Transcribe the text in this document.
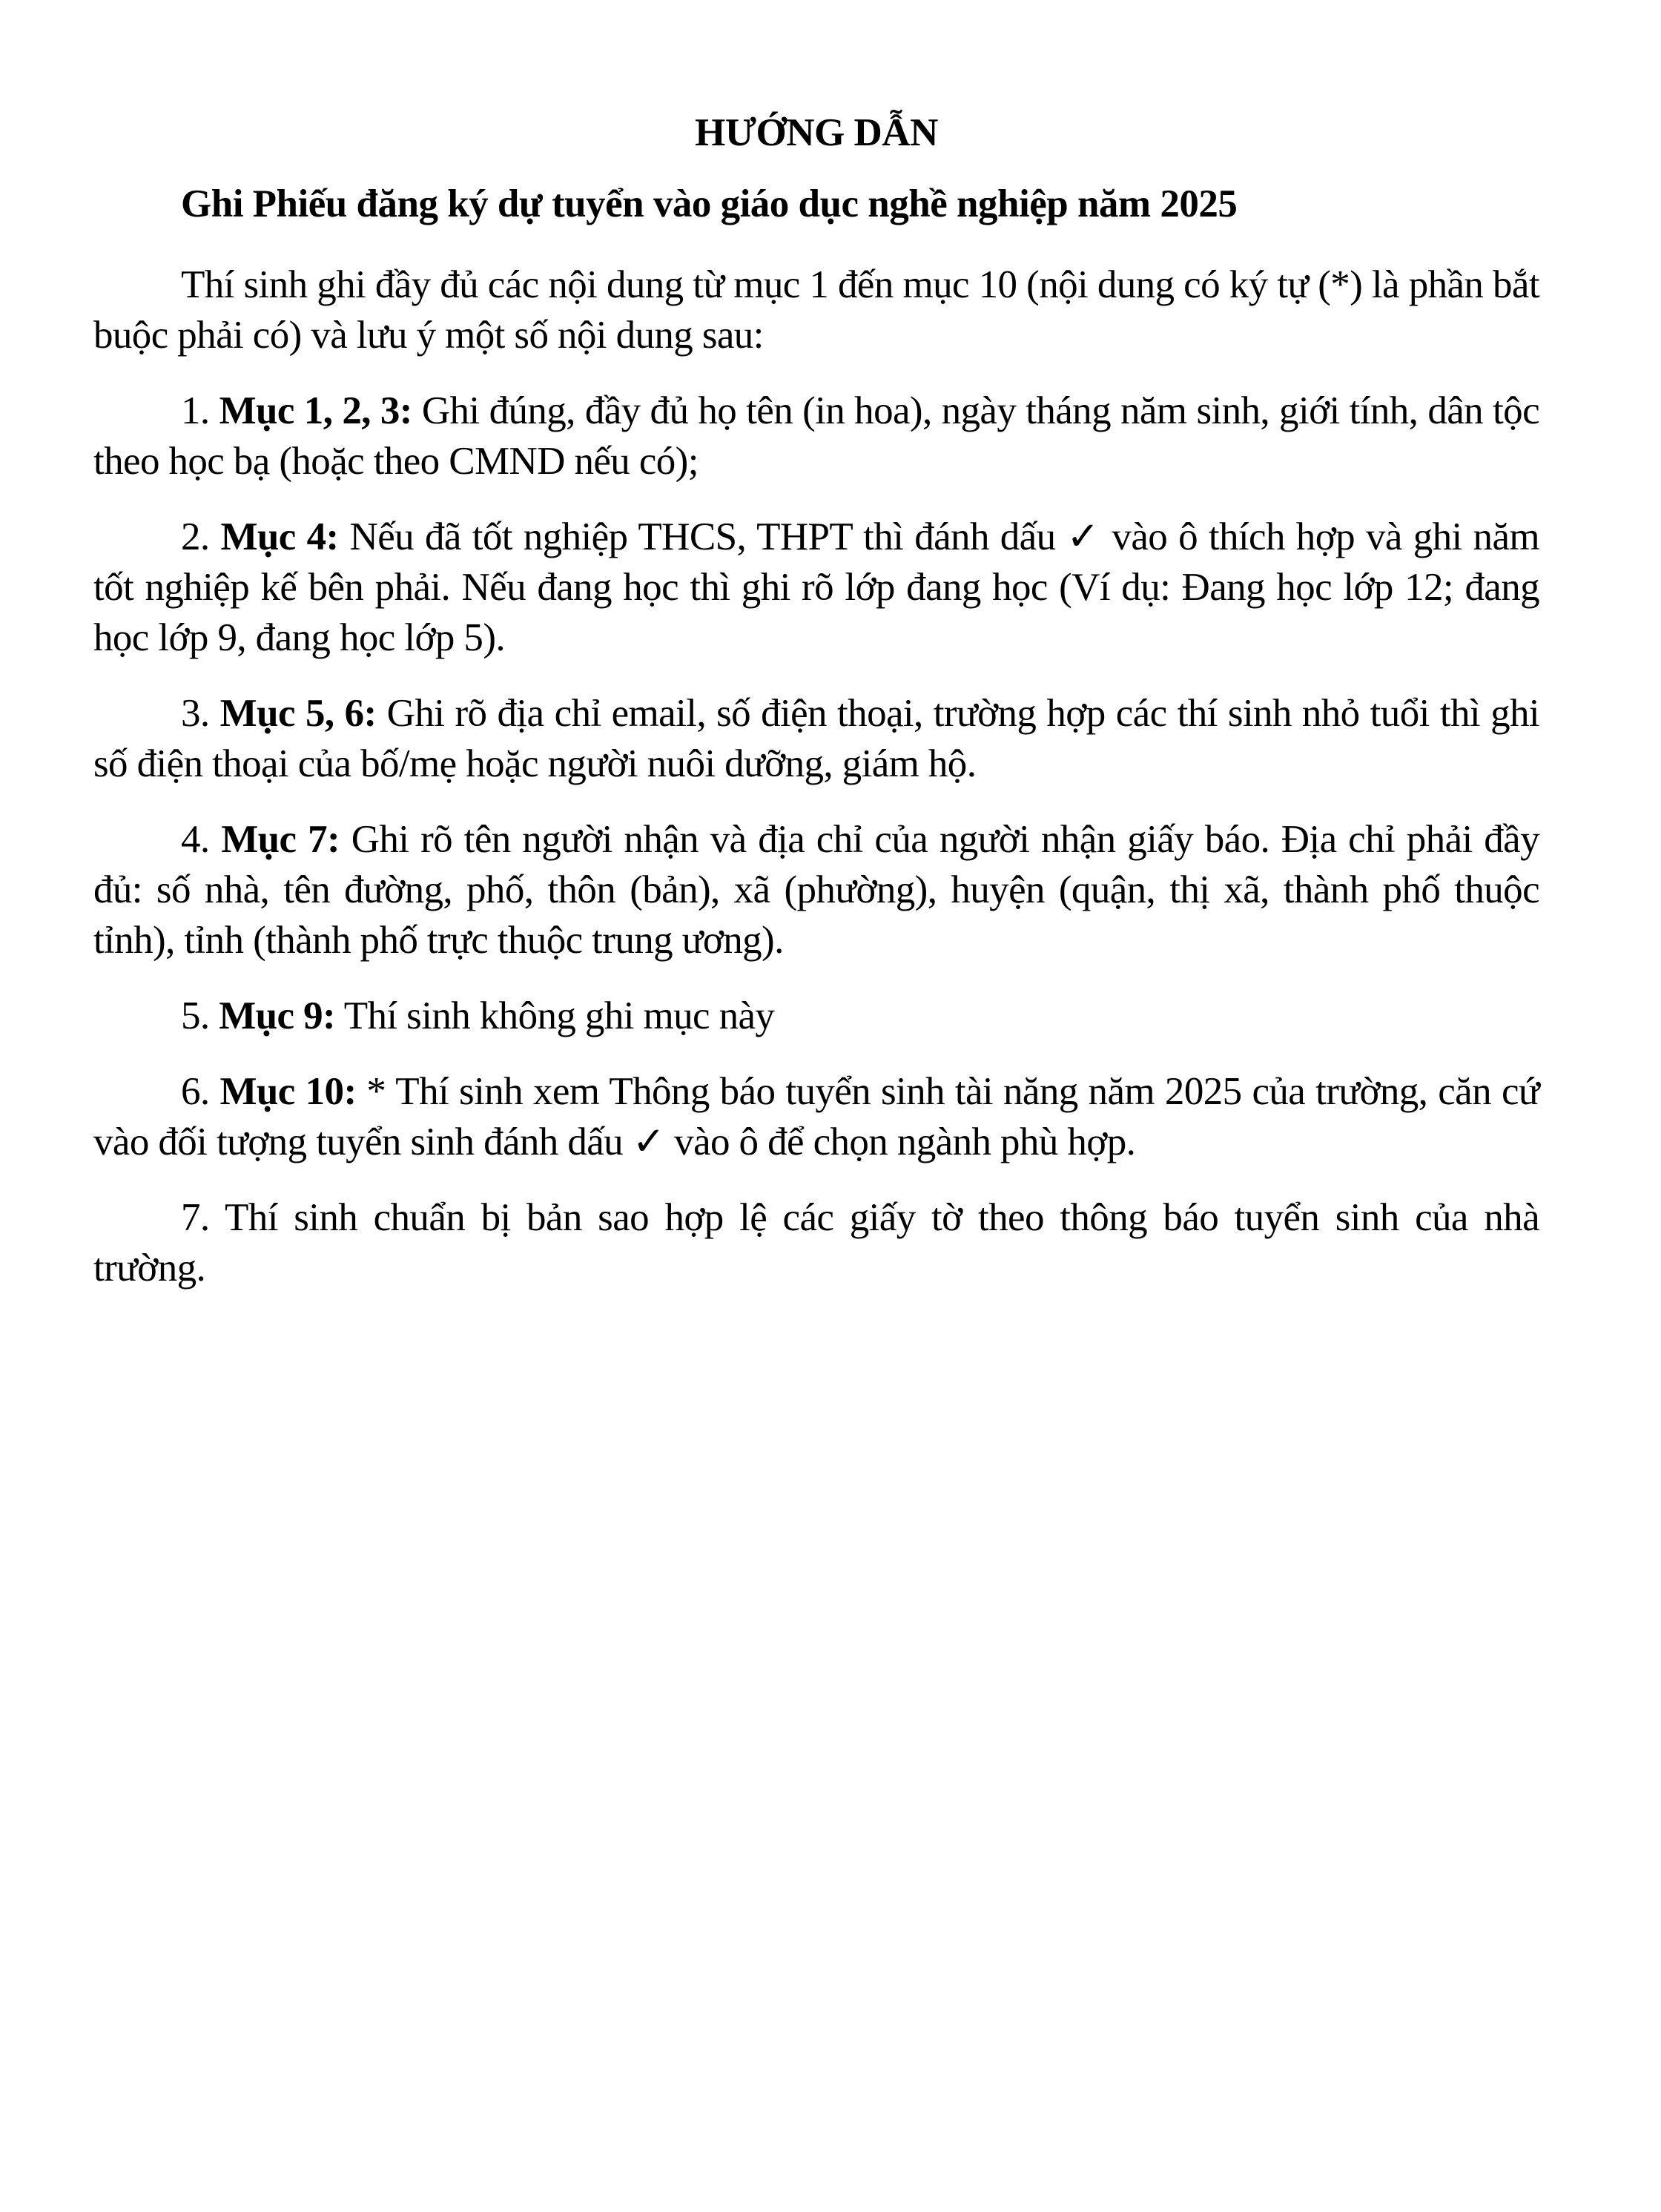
HƯỚNG DẪN
Ghi Phiếu đăng ký dự tuyển vào giáo dục nghề nghiệp năm 2025

Thí sinh ghi đầy đủ các nội dung từ mục 1 đến mục 10 (nội dung có ký tự (*) là phần bắt buộc phải có) và lưu ý một số nội dung sau:

1. Mục 1, 2, 3: Ghi đúng, đầy đủ họ tên (in hoa), ngày tháng năm sinh, giới tính, dân tộc theo học bạ (hoặc theo CMND nếu có);

2. Mục 4: Nếu đã tốt nghiệp THCS, THPT thì đánh dấu ✓ vào ô thích hợp và ghi năm tốt nghiệp kế bên phải. Nếu đang học thì ghi rõ lớp đang học (Ví dụ: Đang học lớp 12; đang học lớp 9, đang học lớp 5).

3. Mục 5, 6: Ghi rõ địa chỉ email, số điện thoại, trường hợp các thí sinh nhỏ tuổi thì ghi số điện thoại của bố/mẹ hoặc người nuôi dưỡng, giám hộ.

4. Mục 7: Ghi rõ tên người nhận và địa chỉ của người nhận giấy báo. Địa chỉ phải đầy đủ: số nhà, tên đường, phố, thôn (bản), xã (phường), huyện (quận, thị xã, thành phố thuộc tỉnh), tỉnh (thành phố trực thuộc trung ương).

5. Mục 9: Thí sinh không ghi mục này

6. Mục 10: * Thí sinh xem Thông báo tuyển sinh tài năng năm 2025 của trường, căn cứ vào đối tượng tuyển sinh đánh dấu ✓ vào ô để chọn ngành phù hợp.

7. Thí sinh chuẩn bị bản sao hợp lệ các giấy tờ theo thông báo tuyển sinh của nhà trường.
